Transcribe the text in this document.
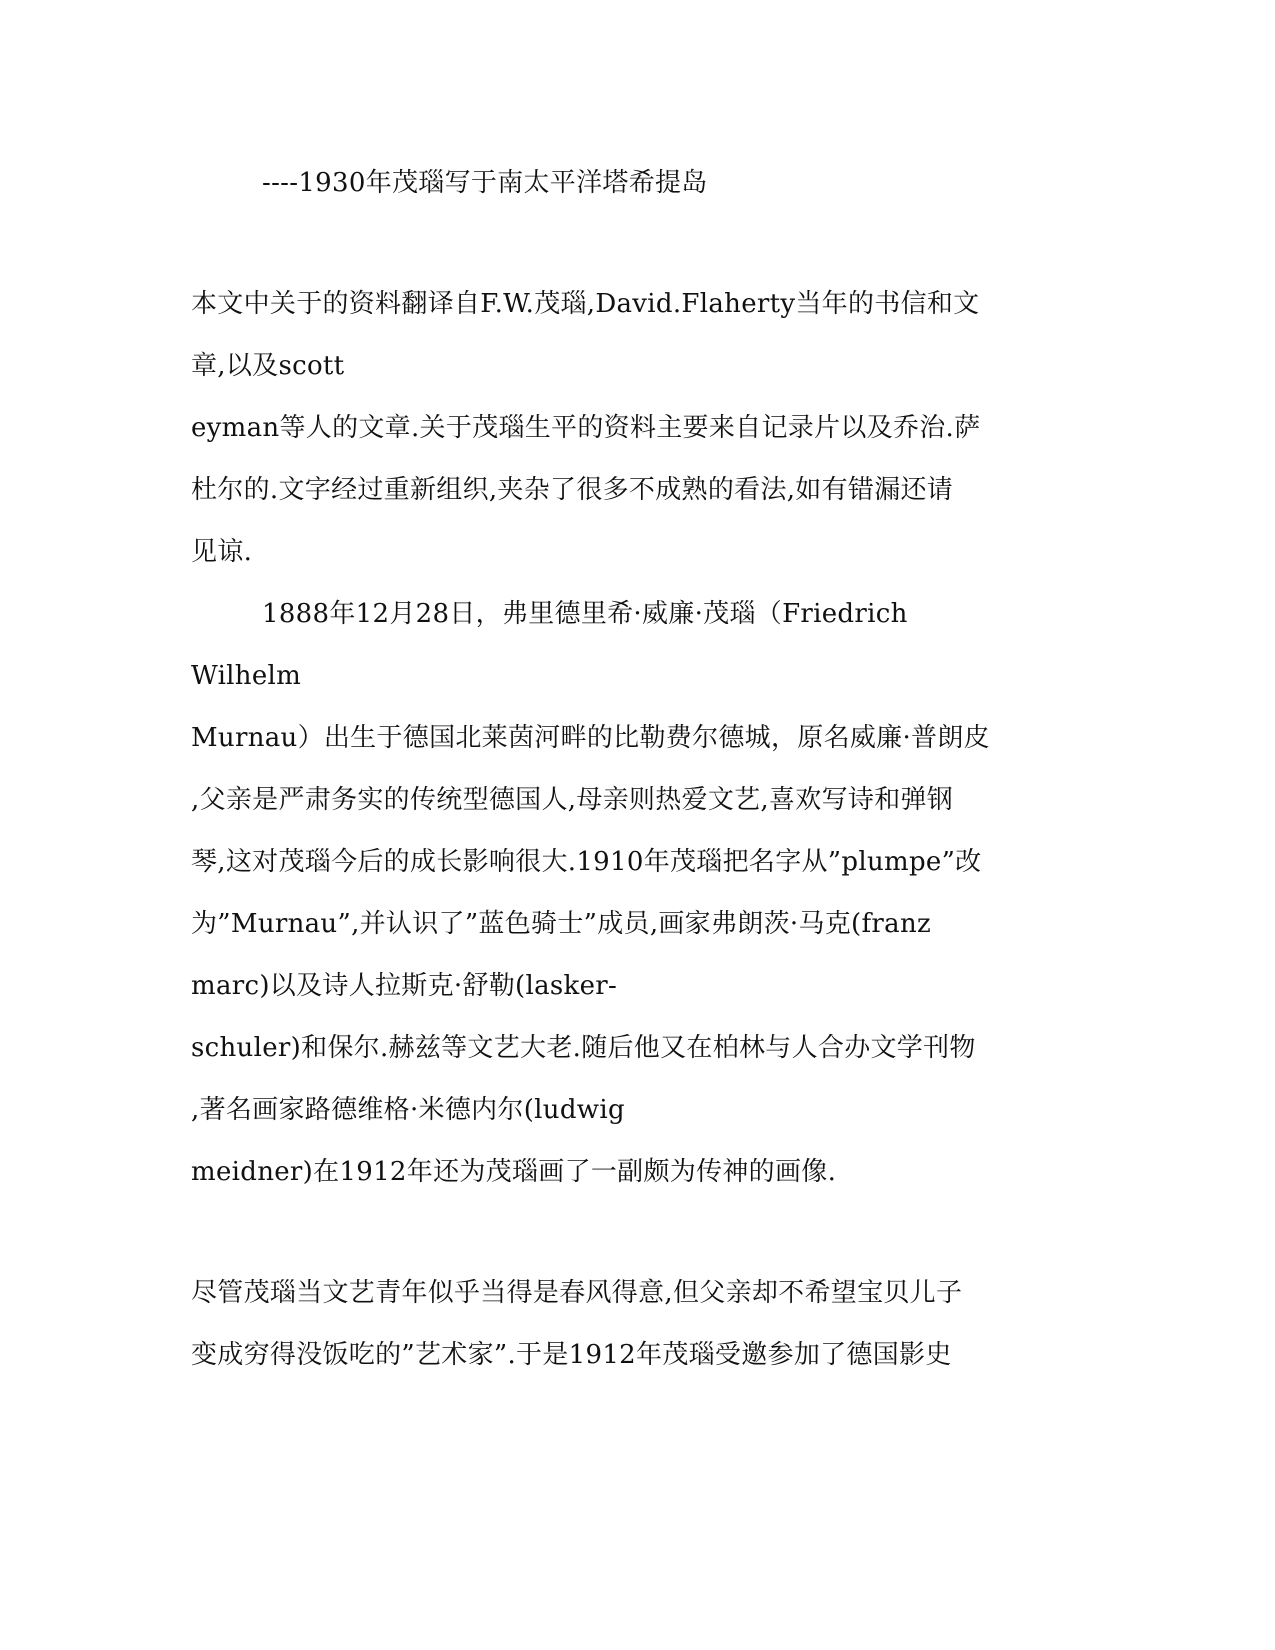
----1930年茂瑙写于南太平洋塔希提岛
本文中关于的资料翻译自F.W.茂瑙,David.Flaherty当年的书信和文
章,以及scott
eyman等人的文章.关于茂瑙生平的资料主要来自记录片以及乔治.萨
杜尔的.文字经过重新组织,夹杂了很多不成熟的看法,如有错漏还请
见谅.
1888年12月28日，弗里德里希·威廉·茂瑙（Friedrich
Wilhelm
Murnau）出生于德国北莱茵河畔的比勒费尔德城，原名威廉·普朗皮
,父亲是严肃务实的传统型德国人,母亲则热爱文艺,喜欢写诗和弹钢
琴,这对茂瑙今后的成长影响很大.1910年茂瑙把名字从”plumpe”改
为”Murnau”,并认识了”蓝色骑士”成员,画家弗朗茨·马克(franz
marc)以及诗人拉斯克·舒勒(lasker-
schuler)和保尔.赫兹等文艺大老.随后他又在柏林与人合办文学刊物
,著名画家路德维格·米德内尔(ludwig
meidner)在1912年还为茂瑙画了一副颇为传神的画像.
尽管茂瑙当文艺青年似乎当得是春风得意,但父亲却不希望宝贝儿子
变成穷得没饭吃的”艺术家”.于是1912年茂瑙受邀参加了德国影史
